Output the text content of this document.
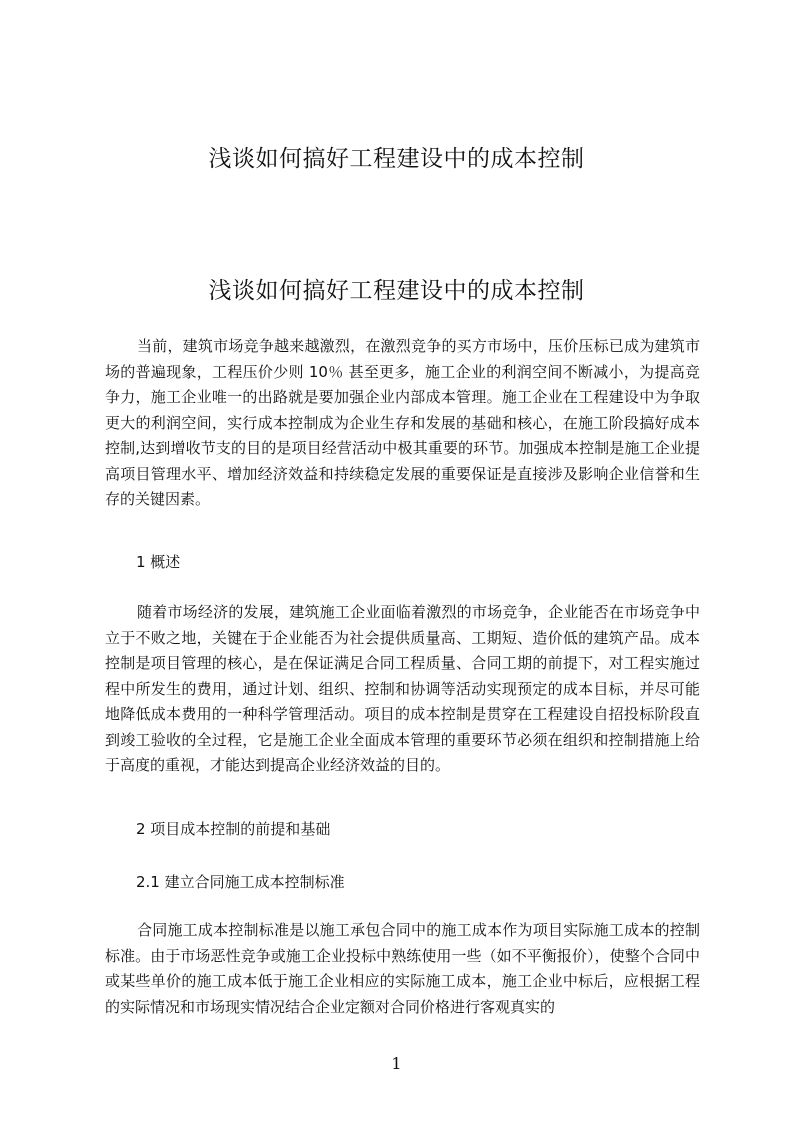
浅谈如何搞好工程建设中的成本控制
浅谈如何搞好工程建设中的成本控制

当前，建筑市场竞争越来越激烈，在激烈竞争的买方市场中，压价压标已成为建筑市场的普遍现象，工程压价少则 10％ 甚至更多，施工企业的利润空间不断减小，为提高竞争力，施工企业唯一的出路就是要加强企业内部成本管理。施工企业在工程建设中为争取更大的利润空间，实行成本控制成为企业生存和发展的基础和核心，在施工阶段搞好成本控制,达到增收节支的目的是项目经营活动中极其重要的环节。加强成本控制是施工企业提高项目管理水平、增加经济效益和持续稳定发展的重要保证是直接涉及影响企业信誉和生存的关键因素。

1 概述

随着市场经济的发展，建筑施工企业面临着激烈的市场竞争，企业能否在市场竞争中立于不败之地，关键在于企业能否为社会提供质量高、工期短、造价低的建筑产品。成本控制是项目管理的核心，是在保证满足合同工程质量、合同工期的前提下，对工程实施过程中所发生的费用，通过计划、组织、控制和协调等活动实现预定的成本目标，并尽可能地降低成本费用的一种科学管理活动。项目的成本控制是贯穿在工程建设自招投标阶段直到竣工验收的全过程，它是施工企业全面成本管理的重要环节必须在组织和控制措施上给于高度的重视，才能达到提高企业经济效益的目的。

2 项目成本控制的前提和基础
2.1 建立合同施工成本控制标准

合同施工成本控制标准是以施工承包合同中的施工成本作为项目实际施工成本的控制标准。由于市场恶性竞争或施工企业投标中熟练使用一些（如不平衡报价），使整个合同中或某些单价的施工成本低于施工企业相应的实际施工成本，施工企业中标后，应根据工程的实际情况和市场现实情况结合企业定额对合同价格进行客观真实的

1
